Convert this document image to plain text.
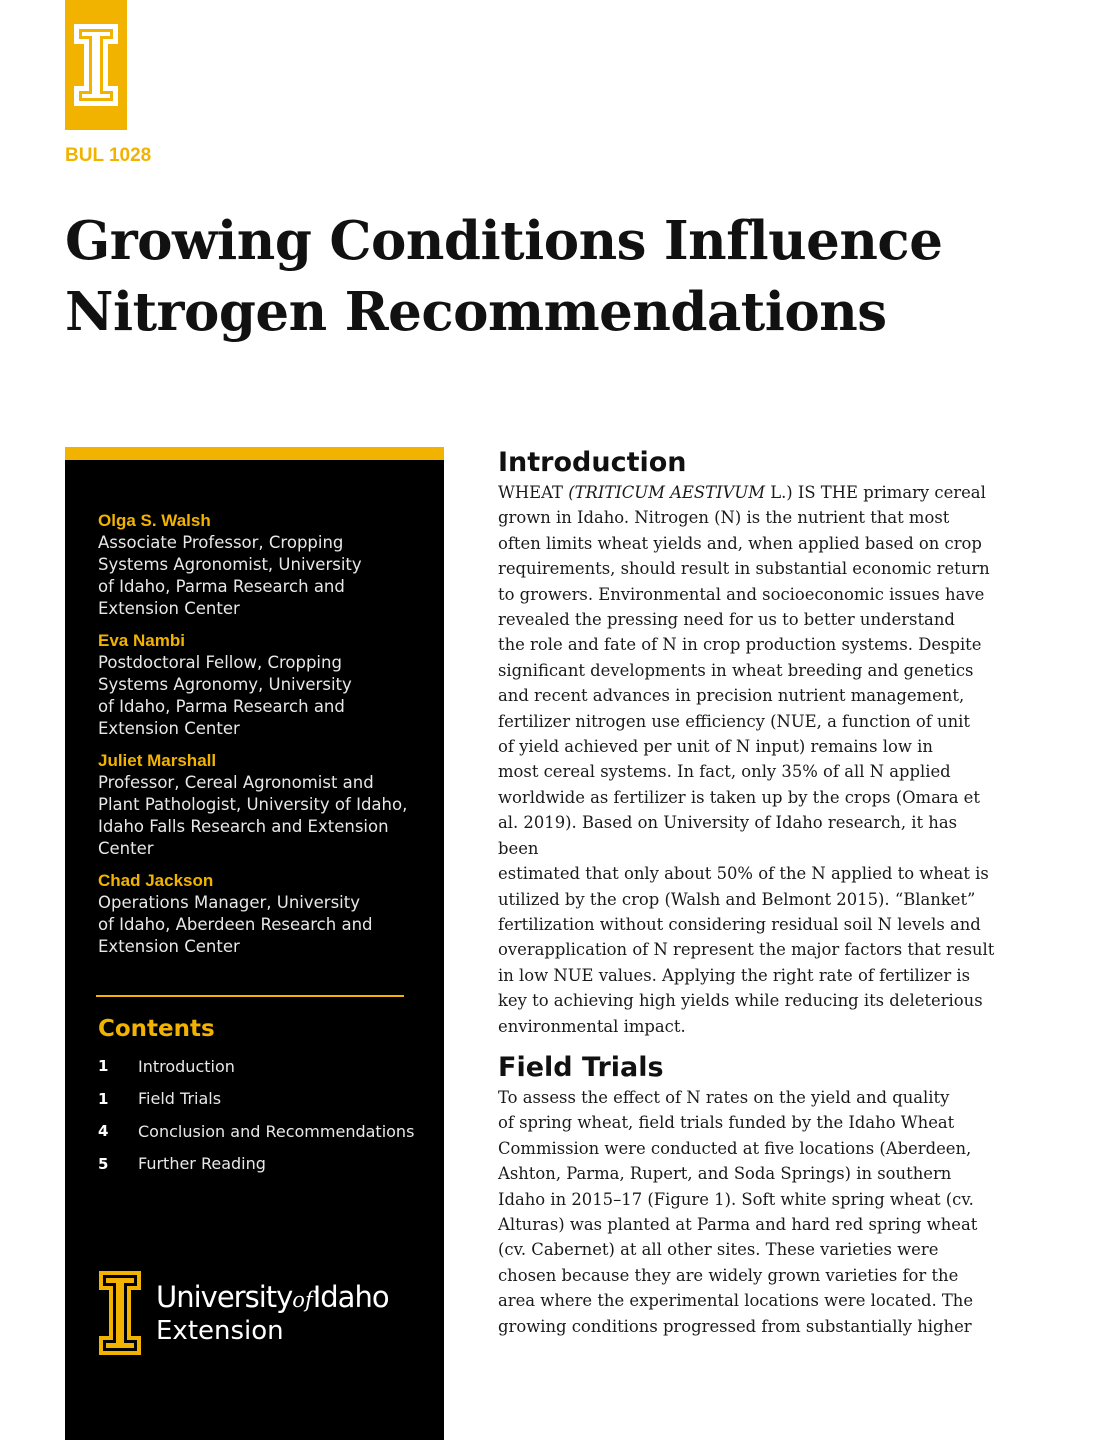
BUL 1028
Growing Conditions Influence Nitrogen Recommendations
Olga S. Walsh
Associate Professor, Cropping
Systems Agronomist, University
of Idaho, Parma Research and
Extension Center
Eva Nambi
Postdoctoral Fellow, Cropping
Systems Agronomy, University
of Idaho, Parma Research and
Extension Center
Juliet Marshall
Professor, Cereal Agronomist and
Plant Pathologist, University of Idaho,
Idaho Falls Research and Extension
Center
Chad Jackson
Operations Manager, University
of Idaho, Aberdeen Research and
Extension Center
Contents
1	Introduction
1	Field Trials
4	Conclusion and Recommendations
5	Further Reading
UniversityofIdaho
Extension
Introduction

WHEAT (TRITICUM AESTIVUM L.) IS THE primary cereal
grown in Idaho. Nitrogen (N) is the nutrient that most
often limits wheat yields and, when applied based on crop
requirements, should result in substantial economic return
to growers. Environmental and socioeconomic issues have
revealed the pressing need for us to better understand
the role and fate of N in crop production systems. Despite
significant developments in wheat breeding and genetics
and recent advances in precision nutrient management,
fertilizer nitrogen use efficiency (NUE, a function of unit
of yield achieved per unit of N input) remains low in
most cereal systems. In fact, only 35% of all N applied
worldwide as fertilizer is taken up by the crops (Omara et
al. 2019). Based on University of Idaho research, it has been
estimated that only about 50% of the N applied to wheat is
utilized by the crop (Walsh and Belmont 2015). “Blanket”
fertilization without considering residual soil N levels and
overapplication of N represent the major factors that result
in low NUE values. Applying the right rate of fertilizer is
key to achieving high yields while reducing its deleterious
environmental impact.

Field Trials

To assess the effect of N rates on the yield and quality
of spring wheat, field trials funded by the Idaho Wheat
Commission were conducted at five locations (Aberdeen,
Ashton, Parma, Rupert, and Soda Springs) in southern
Idaho in 2015–17 (Figure 1). Soft white spring wheat (cv.
Alturas) was planted at Parma and hard red spring wheat
(cv. Cabernet) at all other sites. These varieties were
chosen because they are widely grown varieties for the
area where the experimental locations were located. The
growing conditions progressed from substantially higher
